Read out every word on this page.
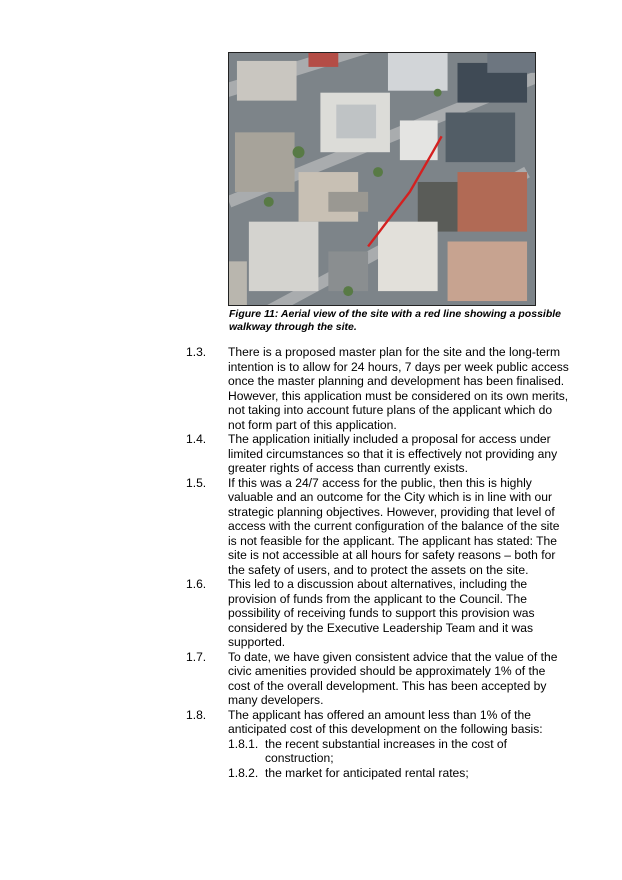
Figure 11: Aerial view of the site with a red line showing a possible walkway through the site.
1.3.	There is a proposed master plan for the site and the long-term intention is to allow for 24 hours, 7 days per week public access once the master planning and development has been finalised. However, this application must be considered on its own merits, not taking into account future plans of the applicant which do not form part of this application.
1.4.	The application initially included a proposal for access under limited circumstances so that it is effectively not providing any greater rights of access than currently exists.
1.5.	If this was a 24/7 access for the public, then this is highly valuable and an outcome for the City which is in line with our strategic planning objectives. However, providing that level of access with the current configuration of the balance of the site is not feasible for the applicant. The applicant has stated: The site is not accessible at all hours for safety reasons – both for the safety of users, and to protect the assets on the site.
1.6.	This led to a discussion about alternatives, including the provision of funds from the applicant to the Council. The possibility of receiving funds to support this provision was considered by the Executive Leadership Team and it was supported.
1.7.	To date, we have given consistent advice that the value of the civic amenities provided should be approximately 1% of the cost of the overall development. This has been accepted by many developers.
1.8.	The applicant has offered an amount less than 1% of the anticipated cost of this development on the following basis:
1.8.1. the recent substantial increases in the cost of construction;
1.8.2. the market for anticipated rental rates;
